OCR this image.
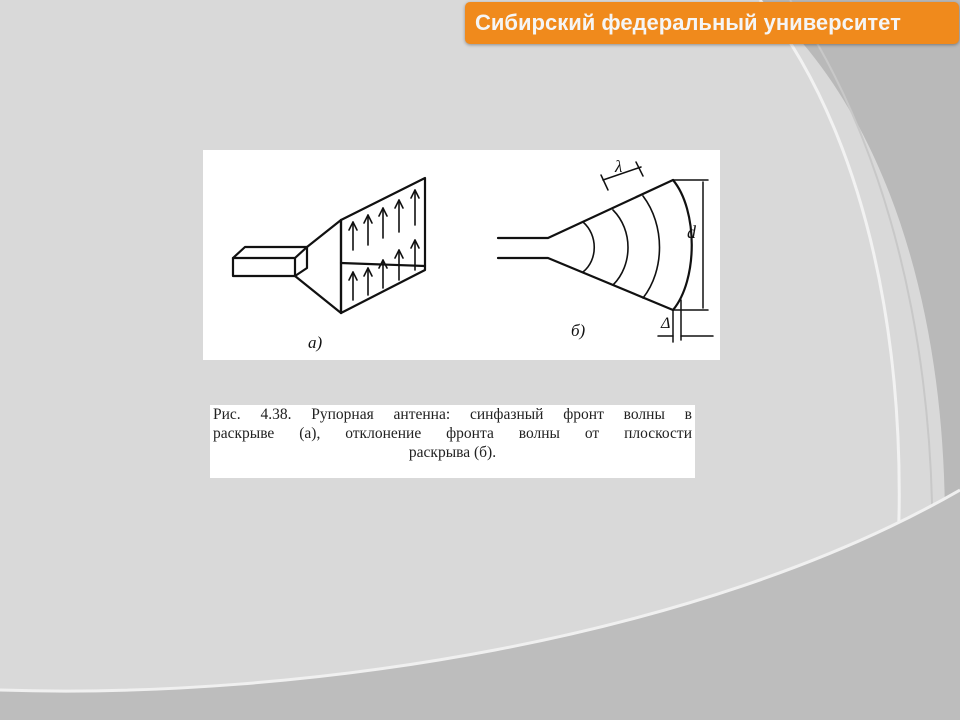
Сибирский федеральный университет
а)
б)
λ
d
Δ
Рис. 4.38. Рупорная антенна: синфазный фронт волны в
раскрыве (а), отклонение фронта волны от плоскости
раскрыва (б).
